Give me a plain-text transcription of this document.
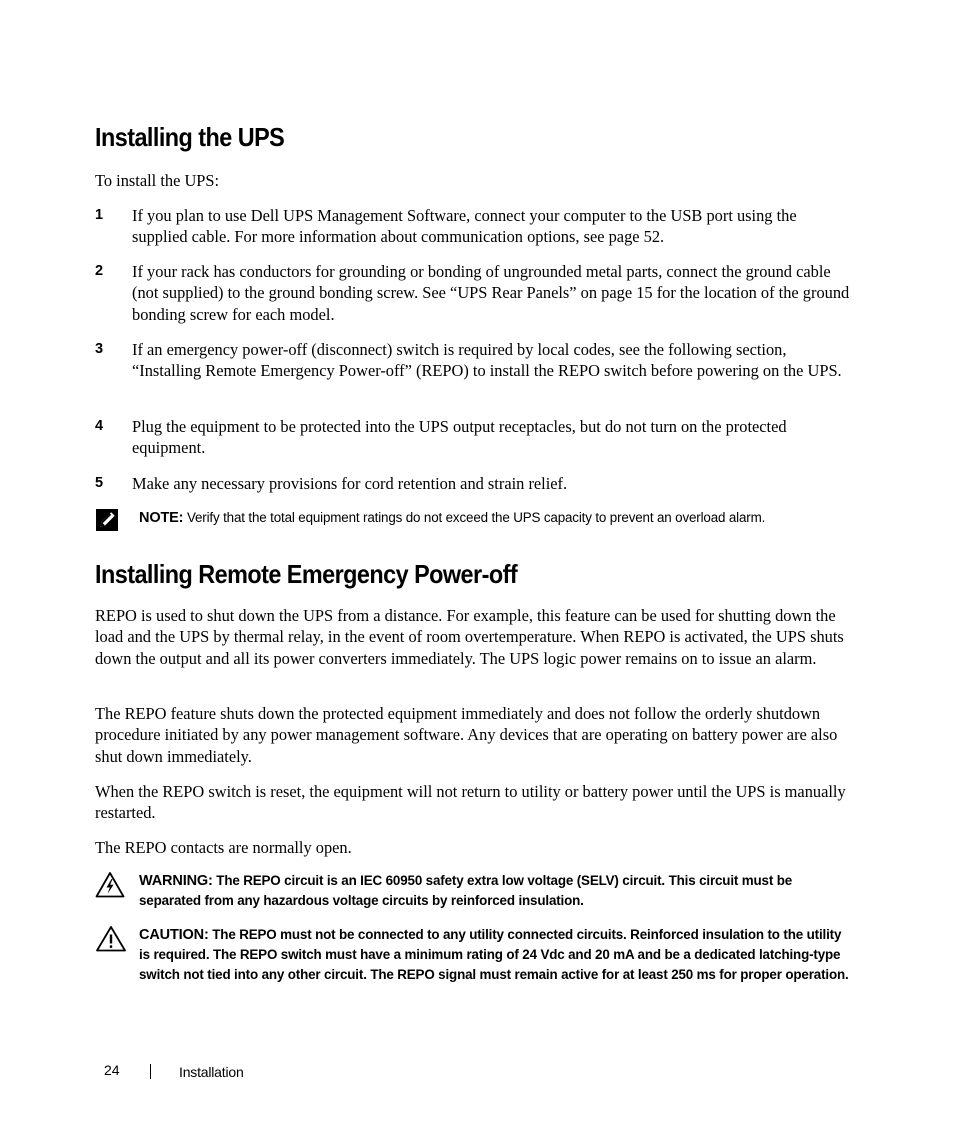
Installing the UPS

To install the UPS:

1 If you plan to use Dell UPS Management Software, connect your computer to the USB port using the supplied cable. For more information about communication options, see page 52.
2 If your rack has conductors for grounding or bonding of ungrounded metal parts, connect the ground cable (not supplied) to the ground bonding screw. See “UPS Rear Panels” on page 15 for the location of the ground bonding screw for each model.
3 If an emergency power-off (disconnect) switch is required by local codes, see the following section, “Installing Remote Emergency Power-off” (REPO) to install the REPO switch before powering on the UPS.
4 Plug the equipment to be protected into the UPS output receptacles, but do not turn on the protected equipment.
5 Make any necessary provisions for cord retention and strain relief.
NOTE: Verify that the total equipment ratings do not exceed the UPS capacity to prevent an overload alarm.
Installing Remote Emergency Power-off

REPO is used to shut down the UPS from a distance. For example, this feature can be used for shutting down the load and the UPS by thermal relay, in the event of room overtemperature. When REPO is activated, the UPS shuts down the output and all its power converters immediately. The UPS logic power remains on to issue an alarm.

The REPO feature shuts down the protected equipment immediately and does not follow the orderly shutdown procedure initiated by any power management software. Any devices that are operating on battery power are also shut down immediately.

When the REPO switch is reset, the equipment will not return to utility or battery power until the UPS is manually restarted.

The REPO contacts are normally open.

WARNING: The REPO circuit is an IEC 60950 safety extra low voltage (SELV) circuit. This circuit must be separated from any hazardous voltage circuits by reinforced insulation.
CAUTION: The REPO must not be connected to any utility connected circuits. Reinforced insulation to the utility is required. The REPO switch must have a minimum rating of 24 Vdc and 20 mA and be a dedicated latching-type switch not tied into any other circuit. The REPO signal must remain active for at least 250 ms for proper operation.
24	Installation
